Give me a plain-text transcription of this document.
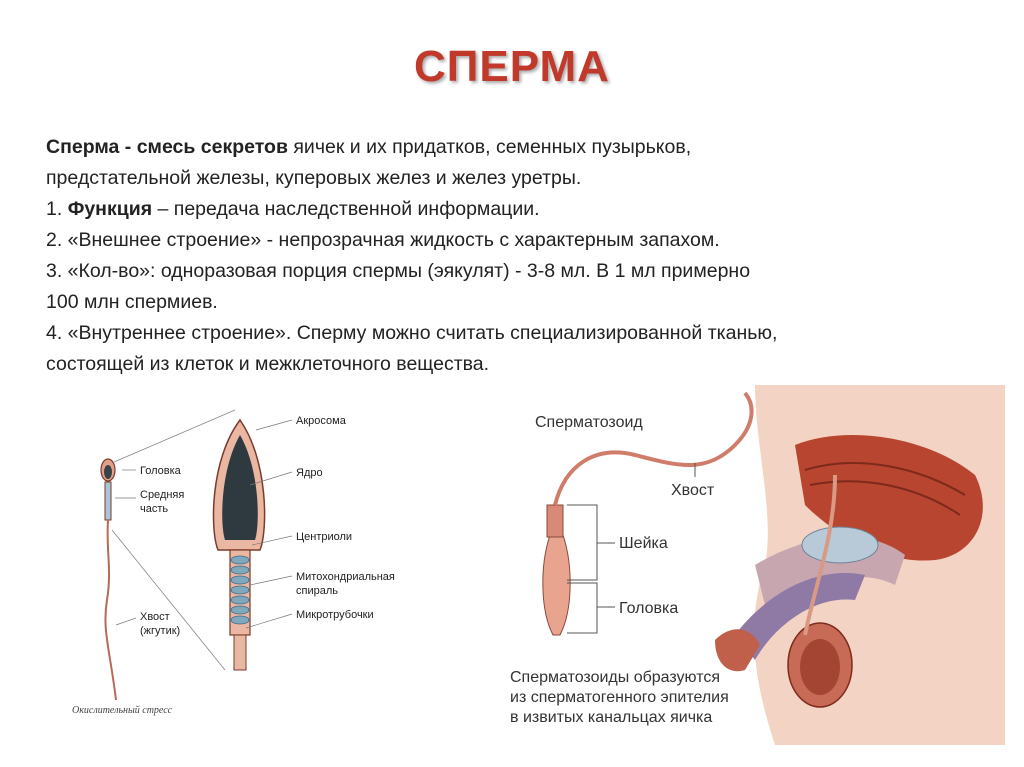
СПЕРМА

Сперма - смесь секретов яичек и их придатков, семенных пузырьков,

предстательной железы, куперовых желез и желез уретры.

1. Функция – передача наследственной информации.

2. «Внешнее строение» - непрозрачная жидкость с характерным запахом.

3. «Кол-во»: одноразовая порция спермы (эякулят) - 3-8 мл. В 1 мл примерно

100 млн спермиев.

4. «Внутреннее строение». Сперму можно считать специализированной тканью,

состоящей из клеток и межклеточного вещества.

Головка
Средняя
часть
Хвост
(жгутик)
Акросома
Ядро
Центриоли
Митохондриальная
спираль
Микротрубочки
Окислительный стресс
Сперматозоид
Хвост
Шейка
Головка
Сперматозоиды образуются
из сперматогенного эпителия
в извитых канальцах яичка
